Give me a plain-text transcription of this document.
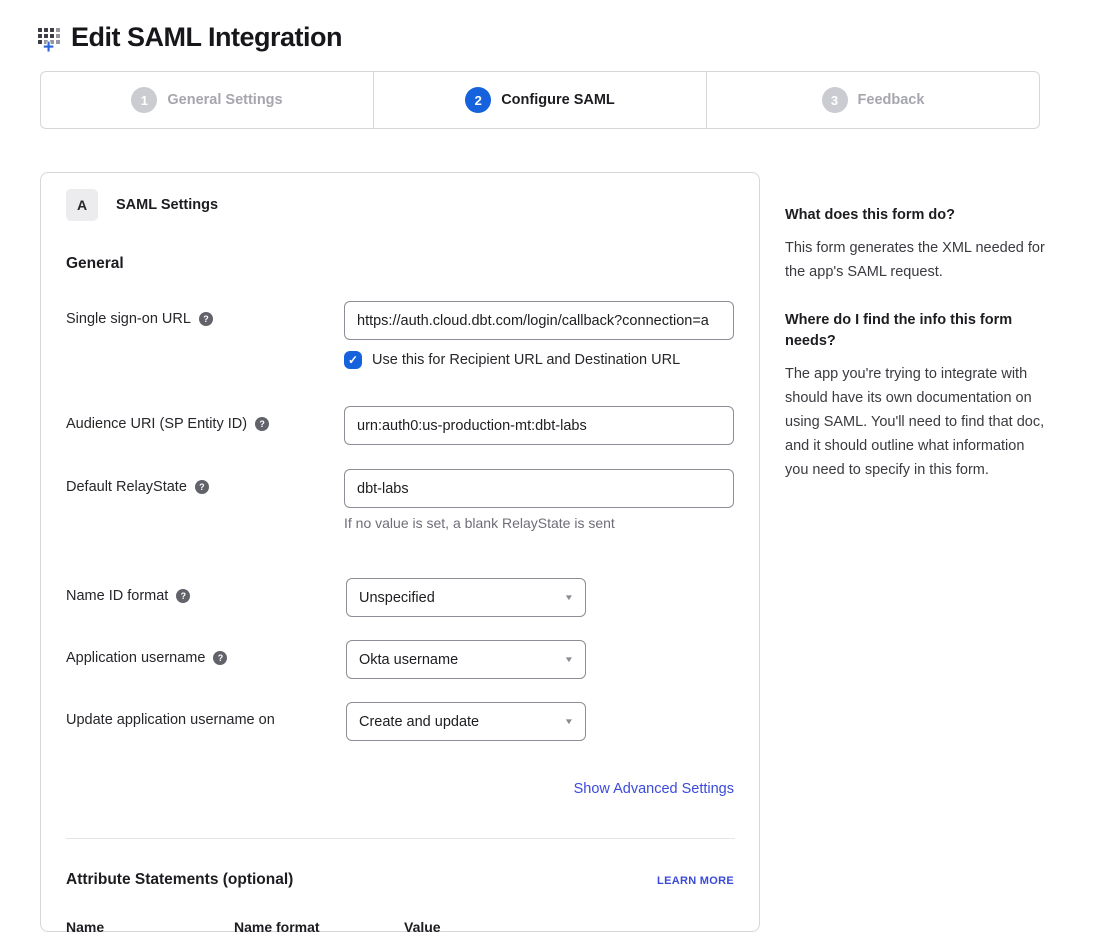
+ Edit SAML Integration
1	General Settings	2	Configure SAML	3	Feedback
A	SAML Settings
General
Single sign-on URL	?
https://auth.cloud.dbt.com/login/callback?connection=a
✓ Use this for Recipient URL and Destination URL
Audience URI (SP Entity ID)	?
urn:auth0:us-production-mt:dbt-labs
Default RelayState	?
dbt-labs
If no value is set, a blank RelayState is sent
Name ID format	?	Unspecified	▼
Application username	?	Okta username	▼
Update application username on	Create and update	▼
Show Advanced Settings
Attribute Statements (optional)	LEARN MORE
Name	Name format	Value
What does this form do?
This form generates the XML needed for the app's SAML request.
Where do I find the info this form needs?
The app you're trying to integrate with should have its own documentation on using SAML. You'll need to find that doc, and it should outline what information you need to specify in this form.
